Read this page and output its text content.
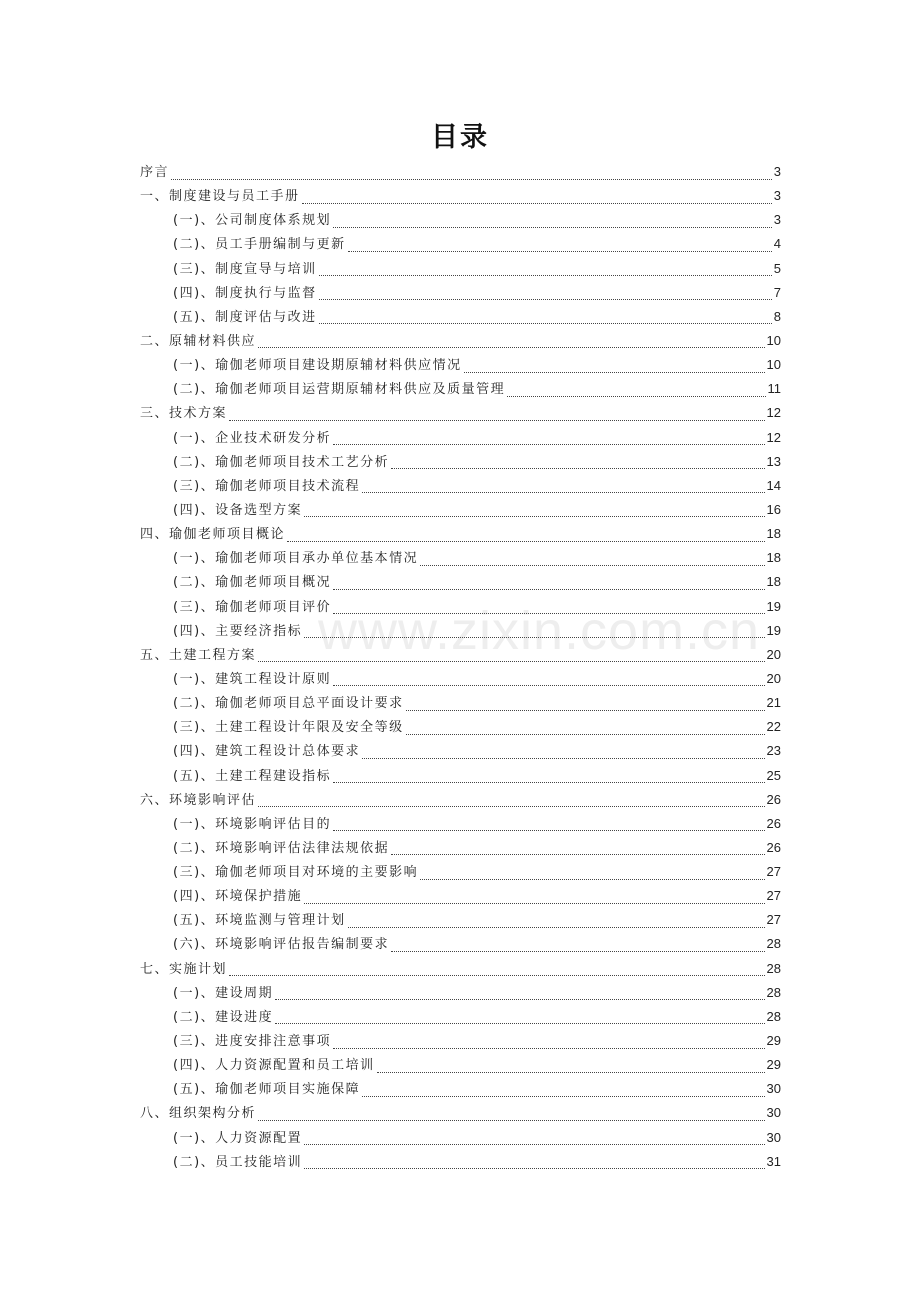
目录
序言	3
一、制度建设与员工手册	3
(一)、公司制度体系规划	3
(二)、员工手册编制与更新	4
(三)、制度宣导与培训	5
(四)、制度执行与监督	7
(五)、制度评估与改进	8
二、原辅材料供应	10
(一)、瑜伽老师项目建设期原辅材料供应情况	10
(二)、瑜伽老师项目运营期原辅材料供应及质量管理	11
三、技术方案	12
(一)、企业技术研发分析	12
(二)、瑜伽老师项目技术工艺分析	13
(三)、瑜伽老师项目技术流程	14
(四)、设备选型方案	16
四、瑜伽老师项目概论	18
(一)、瑜伽老师项目承办单位基本情况	18
(二)、瑜伽老师项目概况	18
(三)、瑜伽老师项目评价	19
(四)、主要经济指标	19
五、土建工程方案	20
(一)、建筑工程设计原则	20
(二)、瑜伽老师项目总平面设计要求	21
(三)、土建工程设计年限及安全等级	22
(四)、建筑工程设计总体要求	23
(五)、土建工程建设指标	25
六、环境影响评估	26
(一)、环境影响评估目的	26
(二)、环境影响评估法律法规依据	26
(三)、瑜伽老师项目对环境的主要影响	27
(四)、环境保护措施	27
(五)、环境监测与管理计划	27
(六)、环境影响评估报告编制要求	28
七、实施计划	28
(一)、建设周期	28
(二)、建设进度	28
(三)、进度安排注意事项	29
(四)、人力资源配置和员工培训	29
(五)、瑜伽老师项目实施保障	30
八、组织架构分析	30
(一)、人力资源配置	30
(二)、员工技能培训	31
www.zixin.com.cn
